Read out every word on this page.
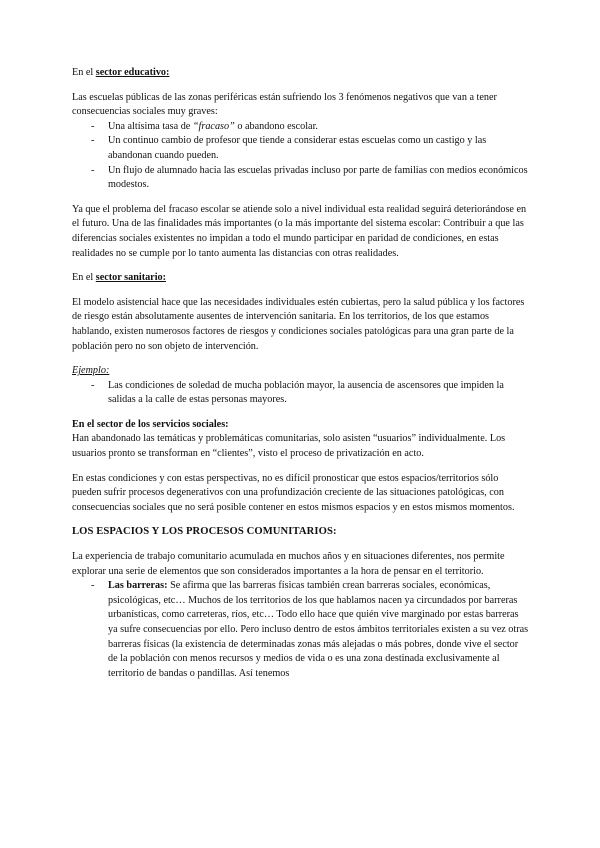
En el sector educativo:

Las escuelas públicas de las zonas periféricas están sufriendo los 3 fenómenos negativos que van a tener consecuencias sociales muy graves:

- Una altísima tasa de “fracaso” o abandono escolar.
- Un continuo cambio de profesor que tiende a considerar estas escuelas como un castigo y las abandonan cuando pueden.
- Un flujo de alumnado hacia las escuelas privadas incluso por parte de familias con medios económicos modestos.

Ya que el problema del fracaso escolar se atiende solo a nivel individual esta realidad seguirá deteriorándose en el futuro. Una de las finalidades más importantes (o la más importante del sistema escolar: Contribuir a que las diferencias sociales existentes no impidan a todo el mundo participar en paridad de condiciones, en estas realidades no se cumple por lo tanto aumenta las distancias con otras realidades.

En el sector sanitario:

El modelo asistencial hace que las necesidades individuales estén cubiertas, pero la salud pública y los factores de riesgo están absolutamente ausentes de intervención sanitaria. En los territorios, de los que estamos hablando, existen numerosos factores de riesgos y condiciones sociales patológicas para una gran parte de la población pero no son objeto de intervención.

Ejemplo:

- Las condiciones de soledad de mucha población mayor, la ausencia de ascensores que impiden la salidas a la calle de estas personas mayores.

En el sector de los servicios sociales:

Han abandonado las temáticas y problemáticas comunitarias, solo asisten “usuarios” individualmente. Los usuarios pronto se transforman en “clientes”, visto el proceso de privatización en acto.

En estas condiciones y con estas perspectivas, no es difícil pronosticar que estos espacios/territorios sólo pueden sufrir procesos degenerativos con una profundización creciente de las situaciones patológicas, con consecuencias sociales que no será posible contener en estos mismos espacios y en estos mismos momentos.

LOS ESPACIOS Y LOS PROCESOS COMUNITARIOS:

La experiencia de trabajo comunitario acumulada en muchos años y en situaciones diferentes, nos permite explorar una serie de elementos que son considerados importantes a la hora de pensar en el territorio.

- Las barreras: Se afirma que las barreras físicas también crean barreras sociales, económicas, psicológicas, etc… Muchos de los territorios de los que hablamos nacen ya circundados por barreras urbanísticas, como carreteras, ríos, etc… Todo ello hace que quién vive marginado por estas barreras ya sufre consecuencias por ello. Pero incluso dentro de estos ámbitos territoriales existen a su vez otras barreras físicas (la existencia de determinadas zonas más alejadas o más pobres, donde vive el sector de la población con menos recursos y medios de vida o es una zona destinada exclusivamente al territorio de bandas o pandillas. Así tenemos
